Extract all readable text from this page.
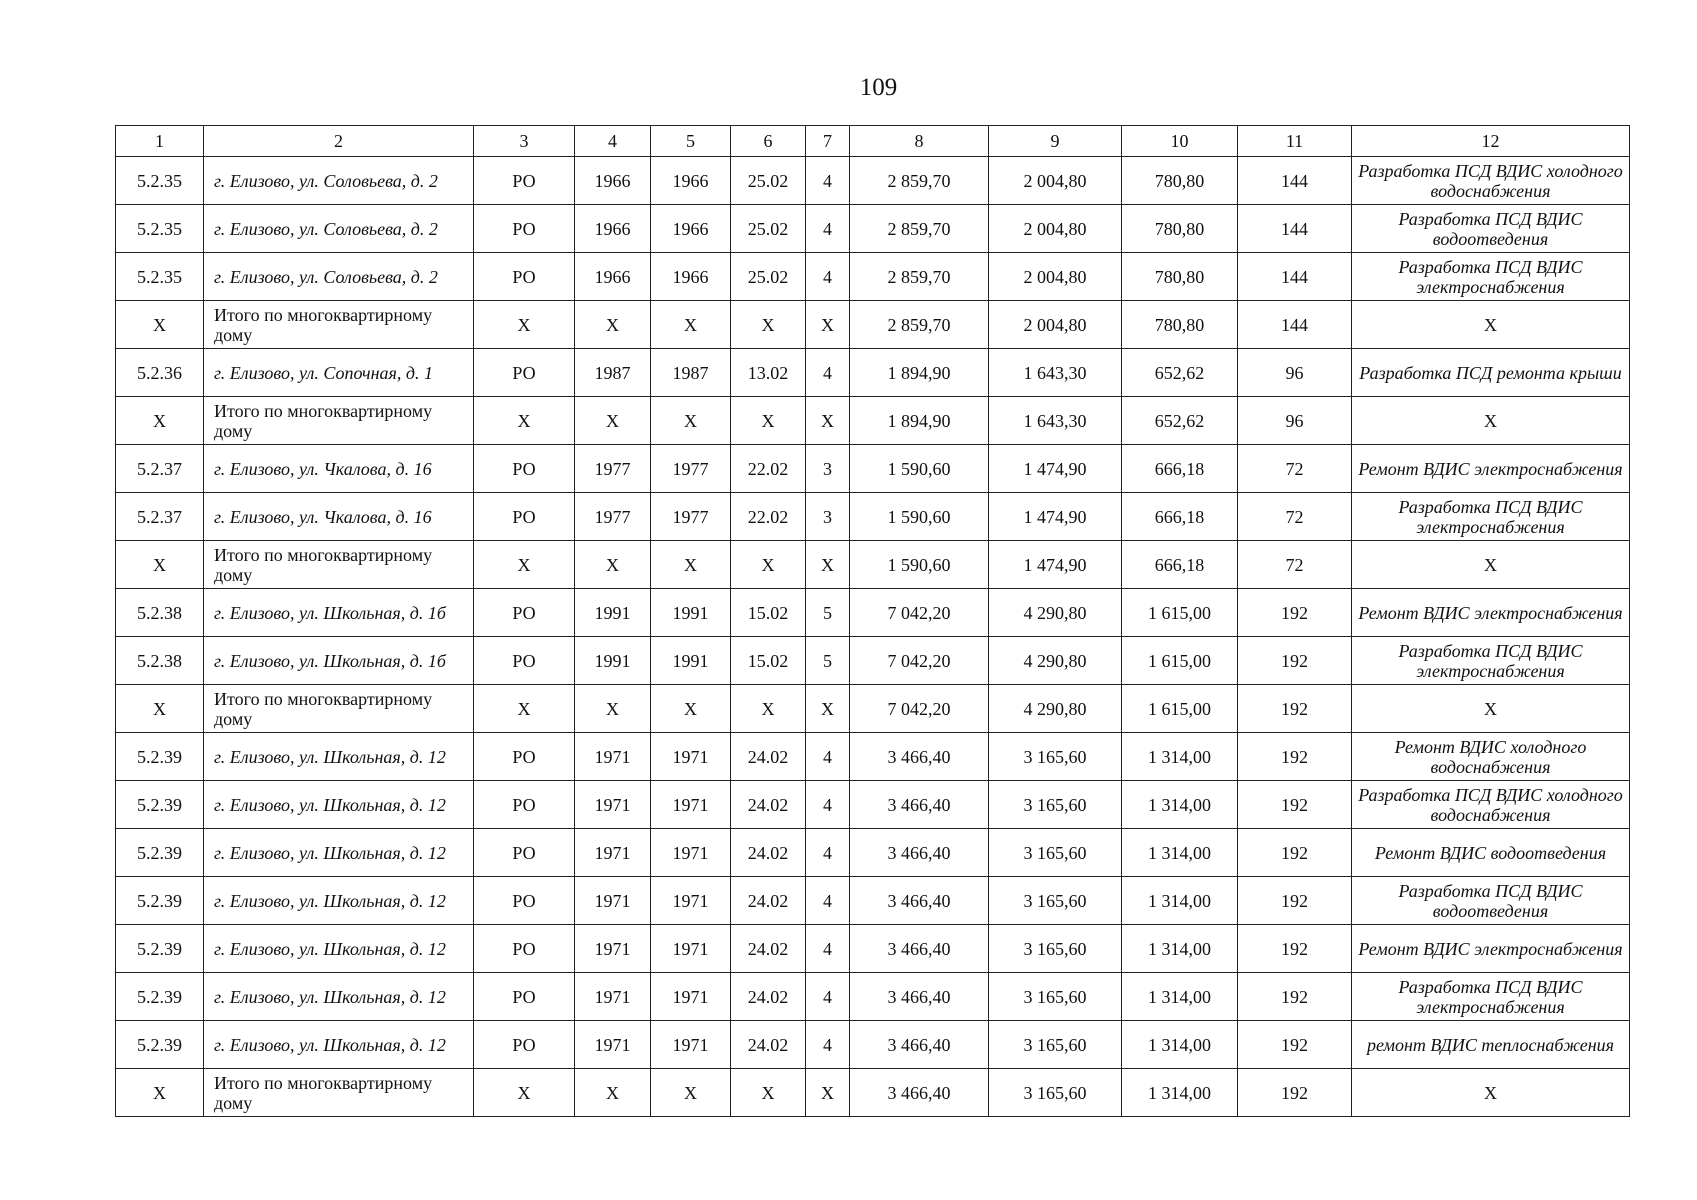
109
1	2	3	4	5	6	7	8	9	10	11	12
5.2.35	г. Елизово, ул. Соловьева, д. 2	РО	1966	1966	25.02	4	2 859,70	2 004,80	780,80	144	Разработка ПСД ВДИС холодного водоснабжения
5.2.35	г. Елизово, ул. Соловьева, д. 2	РО	1966	1966	25.02	4	2 859,70	2 004,80	780,80	144	Разработка ПСД ВДИС водоотведения
5.2.35	г. Елизово, ул. Соловьева, д. 2	РО	1966	1966	25.02	4	2 859,70	2 004,80	780,80	144	Разработка ПСД ВДИС электроснабжения
Х	Итого по многоквартирному дому	Х	Х	Х	Х	Х	2 859,70	2 004,80	780,80	144	Х
5.2.36	г. Елизово, ул. Сопочная, д. 1	РО	1987	1987	13.02	4	1 894,90	1 643,30	652,62	96	Разработка ПСД ремонта крыши
Х	Итого по многоквартирному дому	Х	Х	Х	Х	Х	1 894,90	1 643,30	652,62	96	Х
5.2.37	г. Елизово, ул. Чкалова, д. 16	РО	1977	1977	22.02	3	1 590,60	1 474,90	666,18	72	Ремонт ВДИС электроснабжения
5.2.37	г. Елизово, ул. Чкалова, д. 16	РО	1977	1977	22.02	3	1 590,60	1 474,90	666,18	72	Разработка ПСД ВДИС электроснабжения
Х	Итого по многоквартирному дому	Х	Х	Х	Х	Х	1 590,60	1 474,90	666,18	72	Х
5.2.38	г. Елизово, ул. Школьная, д. 1б	РО	1991	1991	15.02	5	7 042,20	4 290,80	1 615,00	192	Ремонт ВДИС электроснабжения
5.2.38	г. Елизово, ул. Школьная, д. 1б	РО	1991	1991	15.02	5	7 042,20	4 290,80	1 615,00	192	Разработка ПСД ВДИС электроснабжения
Х	Итого по многоквартирному дому	Х	Х	Х	Х	Х	7 042,20	4 290,80	1 615,00	192	Х
5.2.39	г. Елизово, ул. Школьная, д. 12	РО	1971	1971	24.02	4	3 466,40	3 165,60	1 314,00	192	Ремонт ВДИС холодного водоснабжения
5.2.39	г. Елизово, ул. Школьная, д. 12	РО	1971	1971	24.02	4	3 466,40	3 165,60	1 314,00	192	Разработка ПСД ВДИС холодного водоснабжения
5.2.39	г. Елизово, ул. Школьная, д. 12	РО	1971	1971	24.02	4	3 466,40	3 165,60	1 314,00	192	Ремонт ВДИС водоотведения
5.2.39	г. Елизово, ул. Школьная, д. 12	РО	1971	1971	24.02	4	3 466,40	3 165,60	1 314,00	192	Разработка ПСД ВДИС водоотведения
5.2.39	г. Елизово, ул. Школьная, д. 12	РО	1971	1971	24.02	4	3 466,40	3 165,60	1 314,00	192	Ремонт ВДИС электроснабжения
5.2.39	г. Елизово, ул. Школьная, д. 12	РО	1971	1971	24.02	4	3 466,40	3 165,60	1 314,00	192	Разработка ПСД ВДИС электроснабжения
5.2.39	г. Елизово, ул. Школьная, д. 12	РО	1971	1971	24.02	4	3 466,40	3 165,60	1 314,00	192	ремонт ВДИС теплоснабжения
Х	Итого по многоквартирному дому	Х	Х	Х	Х	Х	3 466,40	3 165,60	1 314,00	192	Х
